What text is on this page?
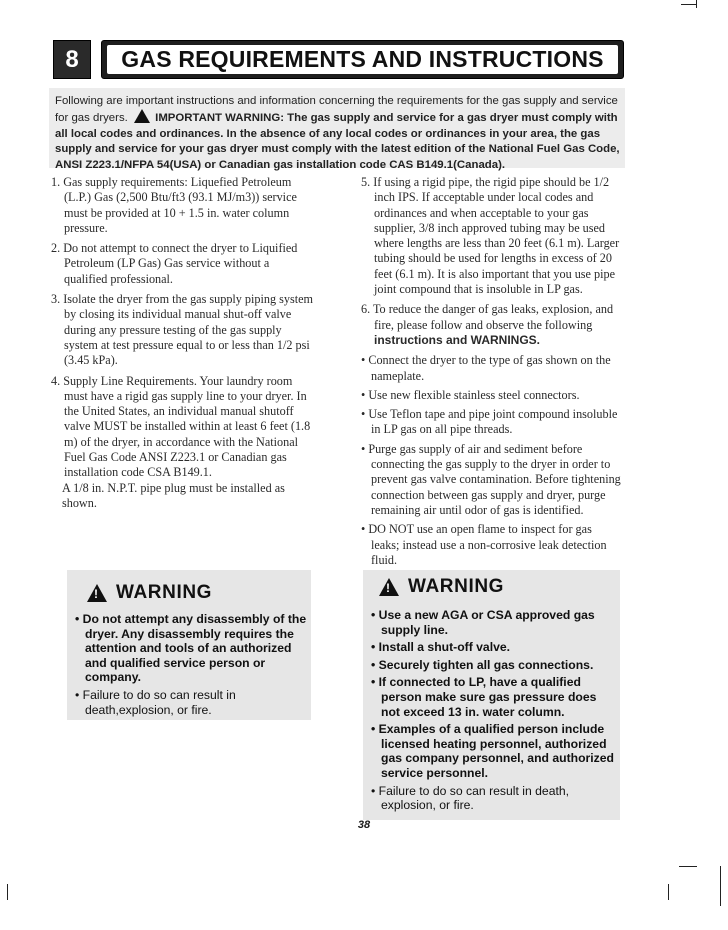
8 GAS REQUIREMENTS AND INSTRUCTIONS
Following are important instructions and information concerning the requirements for the gas supply and service for gas dryers. IMPORTANT WARNING: The gas supply and service for a gas dryer must comply with all local codes and ordinances. In the absence of any local codes or ordinances in your area, the gas supply and service for your gas dryer must comply with the latest edition of the National Fuel Gas Code, ANSI Z223.1/NFPA 54(USA) or Canadian gas installation code CAS B149.1(Canada).
1. Gas supply requirements: Liquefied Petroleum (L.P.) Gas (2,500 Btu/ft3 (93.1 MJ/m3)) service must be provided at 10 + 1.5 in. water column pressure.
2. Do not attempt to connect the dryer to Liquified Petroleum (LP Gas) Gas service without a qualified professional.
3. Isolate the dryer from the gas supply piping system by closing its individual manual shut-off valve during any pressure testing of the gas supply system at test pressure equal to or less than 1/2 psi (3.45 kPa).
4. Supply Line Requirements. Your laundry room must have a rigid gas supply line to your dryer. In the United States, an individual manual shutoff valve MUST be installed within at least 6 feet (1.8 m) of the dryer, in accordance with the National Fuel Gas Code ANSI Z223.1 or Canadian gas installation code CSA B149.1.
A 1/8 in. N.P.T. pipe plug must be installed as shown.
5. If using a rigid pipe, the rigid pipe should be 1/2 inch IPS. If acceptable under local codes and ordinances and when acceptable to your gas supplier, 3/8 inch approved tubing may be used where lengths are less than 20 feet (6.1 m). Larger tubing should be used for lengths in excess of 20 feet (6.1 m). It is also important that you use pipe joint compound that is insoluble in LP gas.
6. To reduce the danger of gas leaks, explosion, and fire, please follow and observe the following instructions and WARNINGS.
• Connect the dryer to the type of gas shown on the nameplate.
• Use new flexible stainless steel connectors.
• Use Teflon tape and pipe joint compound insoluble in LP gas on all pipe threads.
• Purge gas supply of air and sediment before connecting the gas supply to the dryer in order to prevent gas valve contamination. Before tightening connection between gas supply and dryer, purge remaining air until odor of gas is identified.
• DO NOT use an open flame to inspect for gas leaks; instead use a non-corrosive leak detection fluid.
!
WARNING
• Do not attempt any disassembly of the dryer. Any disassembly requires the attention and tools of an authorized and qualified service person or company.
• Failure to do so can result in death,explosion, or fire.
!
WARNING
• Use a new AGA or CSA approved gas supply line.
• Install a shut-off valve.
• Securely tighten all gas connections.
• If connected to LP, have a qualified person make sure gas pressure does not exceed 13 in. water column.
• Examples of a qualified person include licensed heating personnel, authorized gas company personnel, and authorized service personnel.
• Failure to do so can result in death, explosion, or fire.
38
